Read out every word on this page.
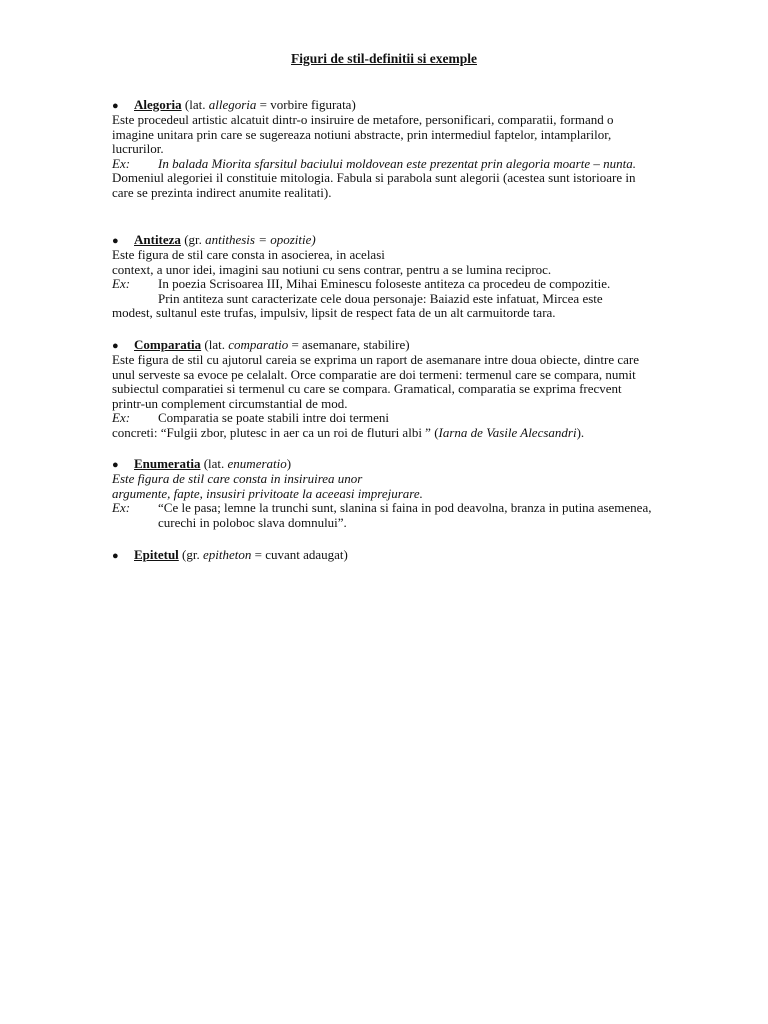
Figuri de stil-definitii si exemple
● Alegoria (lat. allegoria = vorbire figurata)
Este procedeul artistic alcatuit dintr-o insiruire de metafore, personificari, comparatii, formand o imagine unitara prin care se sugereaza notiuni abstracte, prin intermediul faptelor, intamplarilor, lucrurilor.
Ex: In balada Miorita sfarsitul baciului moldovean este prezentat prin alegoria moarte – nunta.
Domeniul alegoriei il constituie mitologia. Fabula si parabola sunt alegorii (acestea sunt istorioare in care se prezinta indirect anumite realitati).
● Antiteza (gr. antithesis = opozitie)
Este figura de stil care consta in asocierea, in acelasi
context, a unor idei, imagini sau notiuni cu sens contrar, pentru a se lumina reciproc.
Ex: In poezia Scrisoarea III, Mihai Eminescu foloseste antiteza ca procedeu de compozitie.
Prin antiteza sunt caracterizate cele doua personaje: Baiazid este infatuat, Mircea este
modest, sultanul este trufas, impulsiv, lipsit de respect fata de un alt carmuitorde tara.
● Comparatia (lat. comparatio = asemanare, stabilire)
Este figura de stil cu ajutorul careia se exprima un raport de asemanare intre doua obiecte, dintre care unul serveste sa evoce pe celalalt. Orce comparatie are doi termeni: termenul care se compara, numit subiectul comparatiei si termenul cu care se compara. Gramatical, comparatia se exprima frecvent printr-un complement circumstantial de mod.
Ex: Comparatia se poate stabili intre doi termeni
concreti: “Fulgii zbor, plutesc in aer ca un roi de fluturi albi ” (Iarna de Vasile Alecsandri).
● Enumeratia (lat. enumeratio)
Este figura de stil care consta in insiruirea unor
argumente, fapte, insusiri privitoate la aceeasi imprejurare.
Ex: “Ce le pasa; lemne la trunchi sunt, slanina si faina in pod deavolna, branza in putina asemenea, curechi in poloboc slava domnului”.
● Epitetul (gr. epitheton = cuvant adaugat)
